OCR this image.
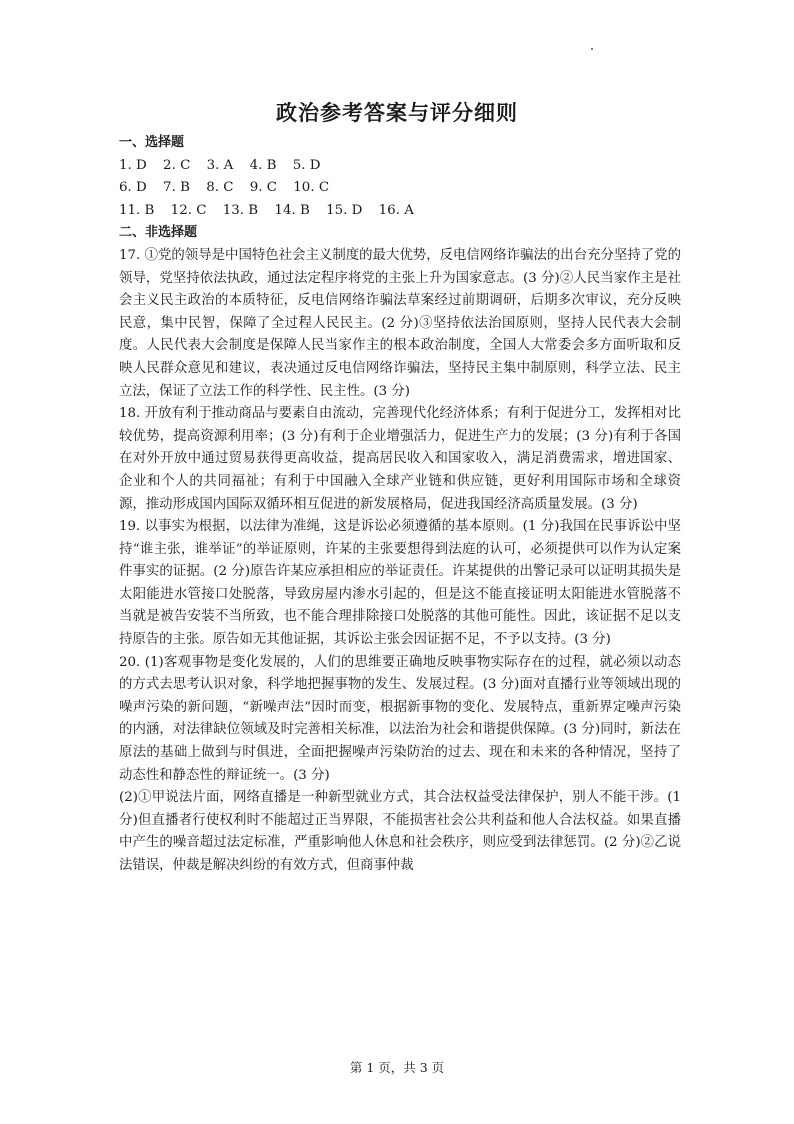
政治参考答案与评分细则
一、选择题
1. D 2. C 3. A 4. B 5. D
6. D 7. B 8. C 9. C 10. C
11. B 12. C 13. B 14. B 15. D 16. A
二、非选择题
17. ①党的领导是中国特色社会主义制度的最大优势，反电信网络诈骗法的出台充分坚持了党的领导，党坚持依法执政，通过法定程序将党的主张上升为国家意志。(3 分)②人民当家作主是社会主义民主政治的本质特征，反电信网络诈骗法草案经过前期调研，后期多次审议，充分反映民意，集中民智，保障了全过程人民民主。(2 分)③坚持依法治国原则，坚持人民代表大会制度。人民代表大会制度是保障人民当家作主的根本政治制度，全国人大常委会多方面听取和反映人民群众意见和建议，表决通过反电信网络诈骗法，坚持民主集中制原则，科学立法、民主立法，保证了立法工作的科学性、民主性。(3 分)
18. 开放有利于推动商品与要素自由流动，完善现代化经济体系；有利于促进分工，发挥相对比较优势，提高资源利用率；(3 分)有利于企业增强活力，促进生产力的发展；(3 分)有利于各国在对外开放中通过贸易获得更高收益，提高居民收入和国家收入，满足消费需求，增进国家、企业和个人的共同福祉；有利于中国融入全球产业链和供应链，更好利用国际市场和全球资源，推动形成国内国际双循环相互促进的新发展格局，促进我国经济高质量发展。(3 分)
19. 以事实为根据，以法律为准绳，这是诉讼必须遵循的基本原则。(1 分)我国在民事诉讼中坚持“谁主张，谁举证”的举证原则，许某的主张要想得到法庭的认可，必须提供可以作为认定案件事实的证据。(2 分)原告许某应承担相应的举证责任。许某提供的出警记录可以证明其损失是太阳能进水管接口处脱落，导致房屋内渗水引起的，但是这不能直接证明太阳能进水管脱落不当就是被告安装不当所致，也不能合理排除接口处脱落的其他可能性。因此，该证据不足以支持原告的主张。原告如无其他证据，其诉讼主张会因证据不足，不予以支持。(3 分)
20. (1)客观事物是变化发展的，人们的思维要正确地反映事物实际存在的过程，就必须以动态的方式去思考认识对象，科学地把握事物的发生、发展过程。(3 分)面对直播行业等领域出现的噪声污染的新问题，“新噪声法”因时而变，根据新事物的变化、发展特点，重新界定噪声污染的内涵，对法律缺位领域及时完善相关标准，以法治为社会和谐提供保障。(3 分)同时，新法在原法的基础上做到与时俱进，全面把握噪声污染防治的过去、现在和未来的各种情况，坚持了动态性和静态性的辩证统一。(3 分)
(2)①甲说法片面，网络直播是一种新型就业方式，其合法权益受法律保护，别人不能干涉。(1 分)但直播者行使权利时不能超过正当界限，不能损害社会公共利益和他人合法权益。如果直播中产生的噪音超过法定标准，严重影响他人休息和社会秩序，则应受到法律惩罚。(2 分)②乙说法错误，仲裁是解决纠纷的有效方式，但商事仲裁
第 1 页，共 3 页
